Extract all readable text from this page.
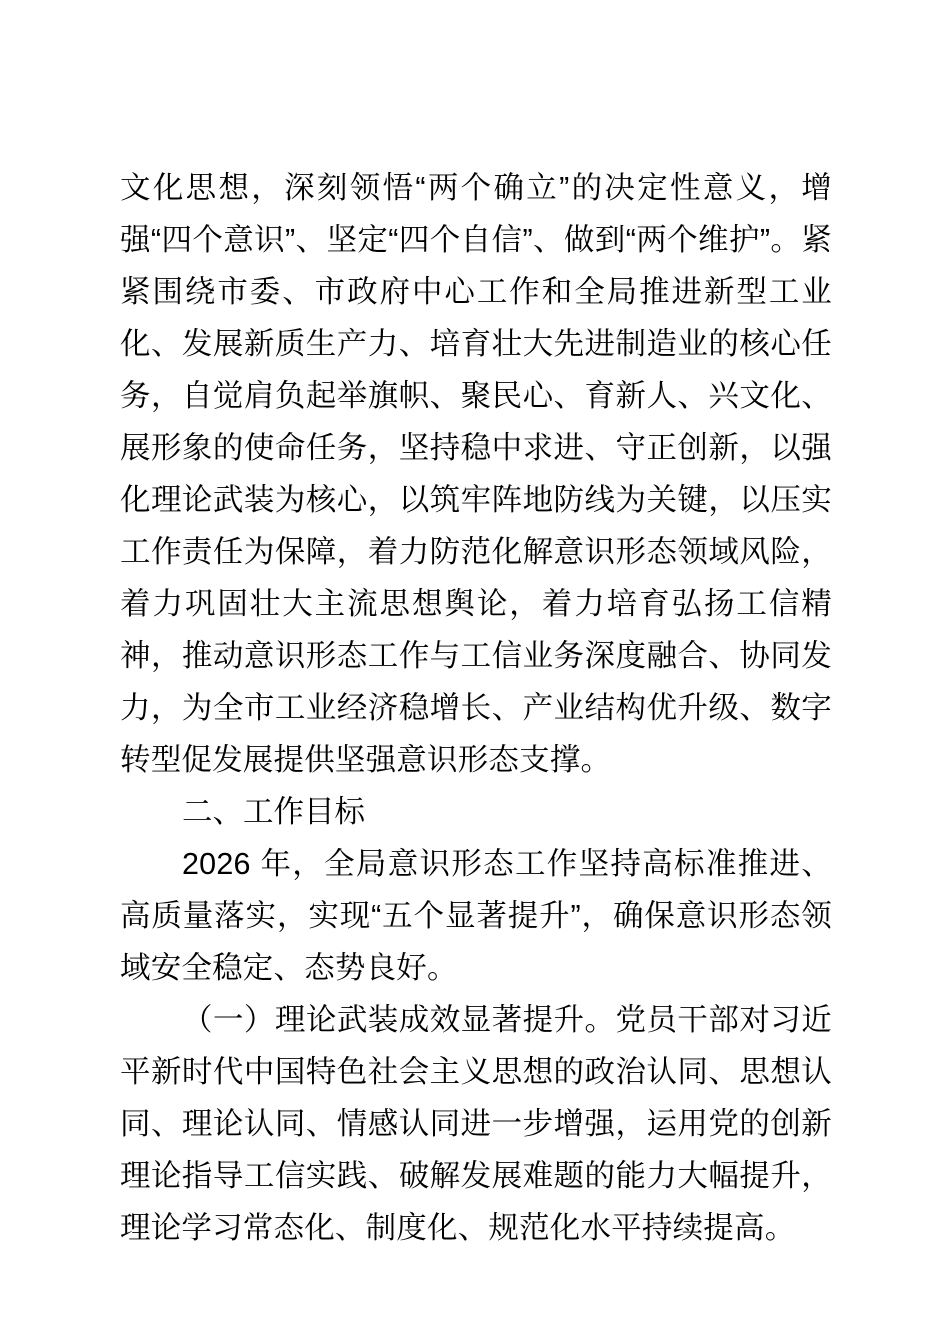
文化思想，深刻领悟“两个确立”的决定性意义，增强“四个意识”、坚定“四个自信”、做到“两个维护”。紧紧围绕市委、市政府中心工作和全局推进新型工业化、发展新质生产力、培育壮大先进制造业的核心任务，自觉肩负起举旗帜、聚民心、育新人、兴文化、展形象的使命任务，坚持稳中求进、守正创新，以强化理论武装为核心，以筑牢阵地防线为关键，以压实工作责任为保障，着力防范化解意识形态领域风险，着力巩固壮大主流思想舆论，着力培育弘扬工信精神，推动意识形态工作与工信业务深度融合、协同发力，为全市工业经济稳增长、产业结构优升级、数字转型促发展提供坚强意识形态支撑。

二、工作目标

2026 年，全局意识形态工作坚持高标准推进、高质量落实，实现“五个显著提升”，确保意识形态领域安全稳定、态势良好。

（一）理论武装成效显著提升。党员干部对习近平新时代中国特色社会主义思想的政治认同、思想认同、理论认同、情感认同进一步增强，运用党的创新理论指导工信实践、破解发展难题的能力大幅提升，理论学习常态化、制度化、规范化水平持续提高。
